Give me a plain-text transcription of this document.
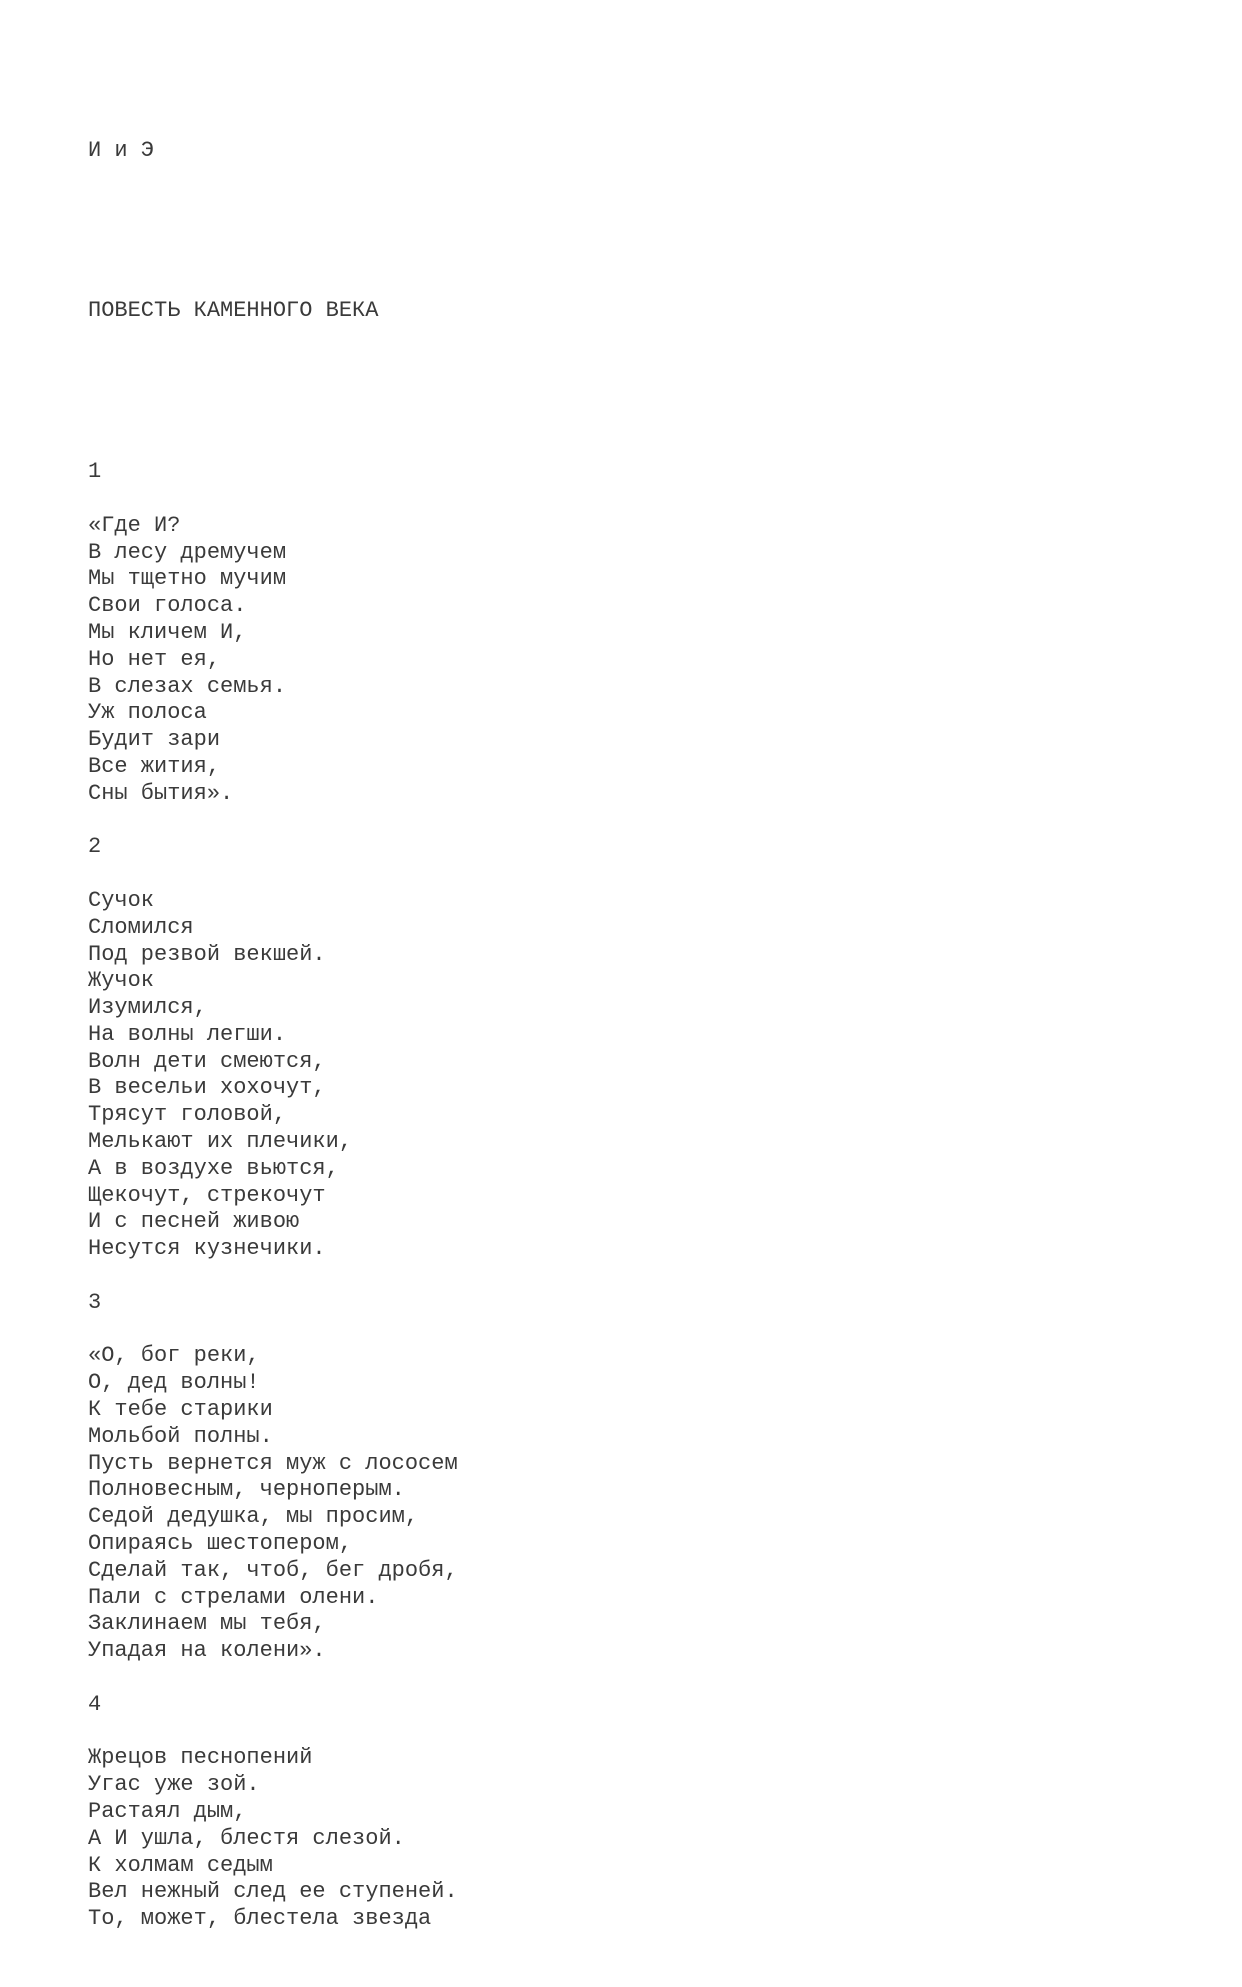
И и Э

ПОВЕСТЬ КАМЕННОГО ВЕКА

1
«Где И?
В лесу дремучем
Мы тщетно мучим
Свои голоса.
Мы кличем И,
Но нет ея,
В слезах семья.
Уж полоса
Будит зари
Все жития,
Сны бытия».
2
Сучок
Сломился
Под резвой векшей.
Жучок
Изумился,
На волны легши.
Волн дети смеются,
В весельи хохочут,
Трясут головой,
Мелькают их плечики,
А в воздухе вьются,
Щекочут, стрекочут
И с песней живою
Несутся кузнечики.
3
«О, бог реки,
О, дед волны!
К тебе старики
Мольбой полны.
Пусть вернется муж с лососем
Полновесным, черноперым.
Седой дедушка, мы просим,
Опираясь шестопером,
Сделай так, чтоб, бег дробя,
Пали с стрелами олени.
Заклинаем мы тебя,
Упадая на колени».
4
Жрецов песнопений
Угас уже зой.
Растаял дым,
А И ушла, блестя слезой.
К холмам седым
Вел нежный след ее ступеней.
То, может, блестела звезда
